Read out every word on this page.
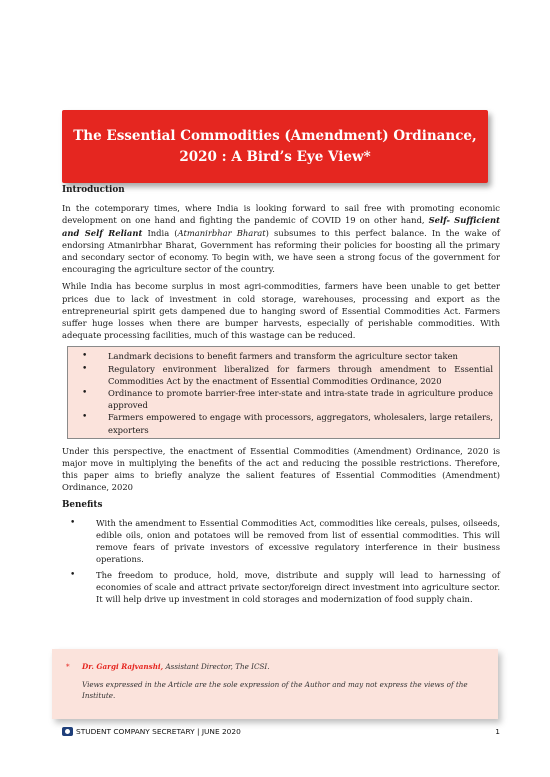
The Essential Commodities (Amendment) Ordinance,
2020 : A Bird’s Eye View*
Introduction

In the cotemporary times, where India is looking forward to sail free with promoting economic development on one hand and fighting the pandemic of COVID 19 on other hand, Self- Sufficient and Self Reliant India (Atmanirbhar Bharat) subsumes to this perfect balance. In the wake of endorsing Atmanirbhar Bharat, Government has reforming their policies for boosting all the primary and secondary sector of economy. To begin with, we have seen a strong focus of the government for encouraging the agriculture sector of the country.

While India has become surplus in most agri-commodities, farmers have been unable to get better prices due to lack of investment in cold storage, warehouses, processing and export as the entrepreneurial spirit gets dampened due to hanging sword of Essential Commodities Act. Farmers suffer huge losses when there are bumper harvests, especially of perishable commodities. With adequate processing facilities, much of this wastage can be reduced.

• Landmark decisions to benefit farmers and transform the agriculture sector taken
• Regulatory environment liberalized for farmers through amendment to Essential Commodities Act by the enactment of Essential Commodities Ordinance, 2020
• Ordinance to promote barrier-free inter-state and intra-state trade in agriculture produce approved
• Farmers empowered to engage with processors, aggregators, wholesalers, large retailers, exporters

Under this perspective, the enactment of Essential Commodities (Amendment) Ordinance, 2020 is major move in multiplying the benefits of the act and reducing the possible restrictions. Therefore, this paper aims to briefly analyze the salient features of Essential Commodities (Amendment) Ordinance, 2020

Benefits
• With the amendment to Essential Commodities Act, commodities like cereals, pulses, oilseeds, edible oils, onion and potatoes will be removed from list of essential commodities. This will remove fears of private investors of excessive regulatory interference in their business operations.
• The freedom to produce, hold, move, distribute and supply will lead to harnessing of economies of scale and attract private sector/foreign direct investment into agriculture sector. It will help drive up investment in cold storages and modernization of food supply chain.
* Dr. Gargi Rajvanshi, Assistant Director, The ICSI.
Views expressed in the Article are the sole expression of the Author and may not express the views of the Institute.
STUDENT COMPANY SECRETARY | JUNE 2020	1
